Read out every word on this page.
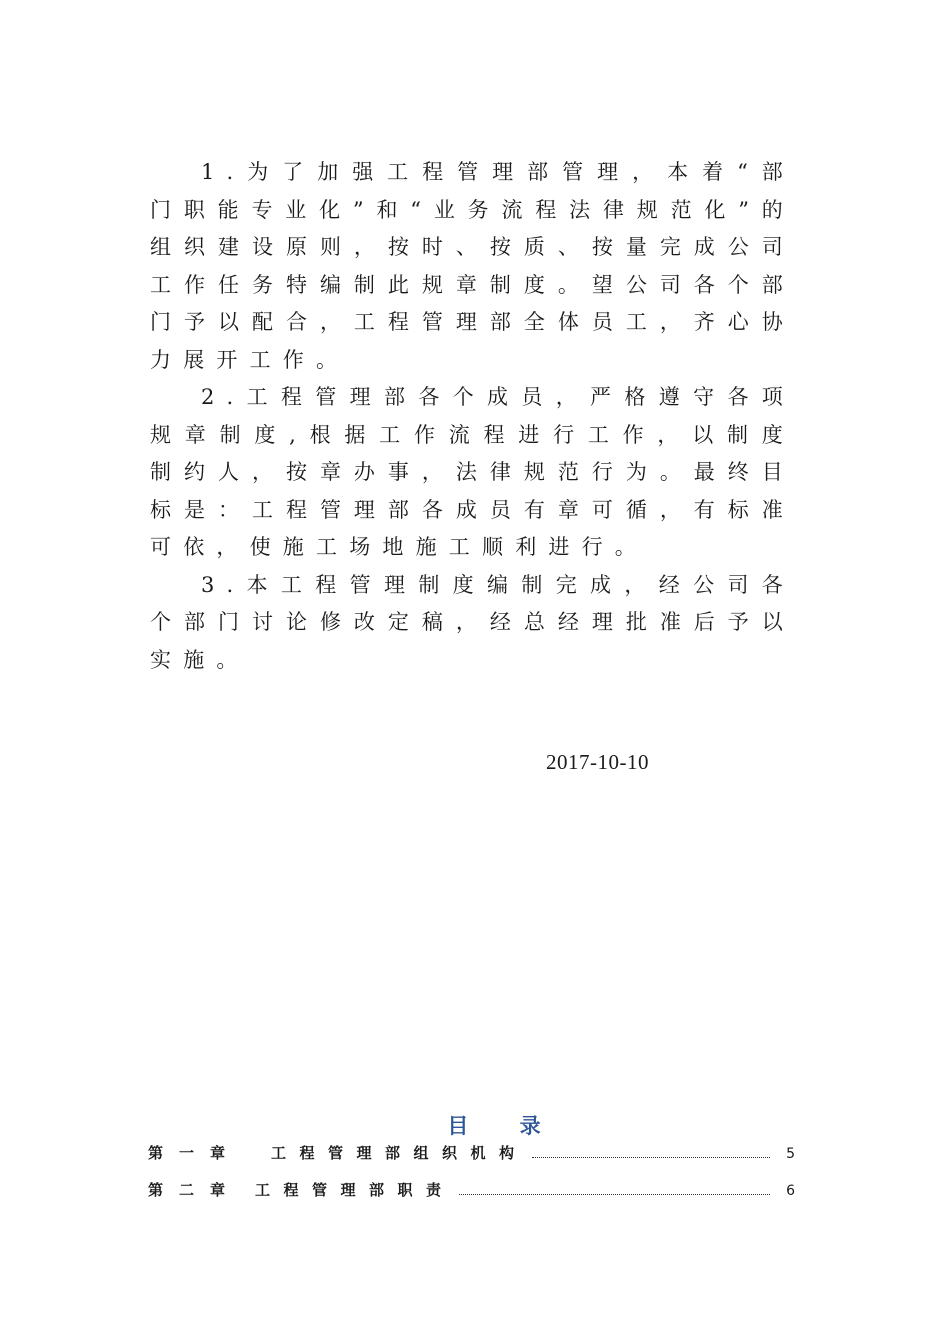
1.为了加强工程管理部管理，本着“部门职能专业化”和“业务流程法律规范化”的组织建设原则，按时、按质、按量完成公司工作任务特编制此规章制度。望公司各个部门予以配合，工程管理部全体员工，齐心协力展开工作。

2.工程管理部各个成员，严格遵守各项规章制度,根据工作流程进行工作，以制度制约人，按章办事，法律规范行为。最终目标是：工程管理部各成员有章可循，有标准可依，使施工场地施工顺利进行。

3.本工程管理制度编制完成，经公司各个部门讨论修改定稿，经总经理批准后予以实施。

2017-10-10
目 录
第一章 工程管理部组织机构	5
第二章 工程管理部职责	6
